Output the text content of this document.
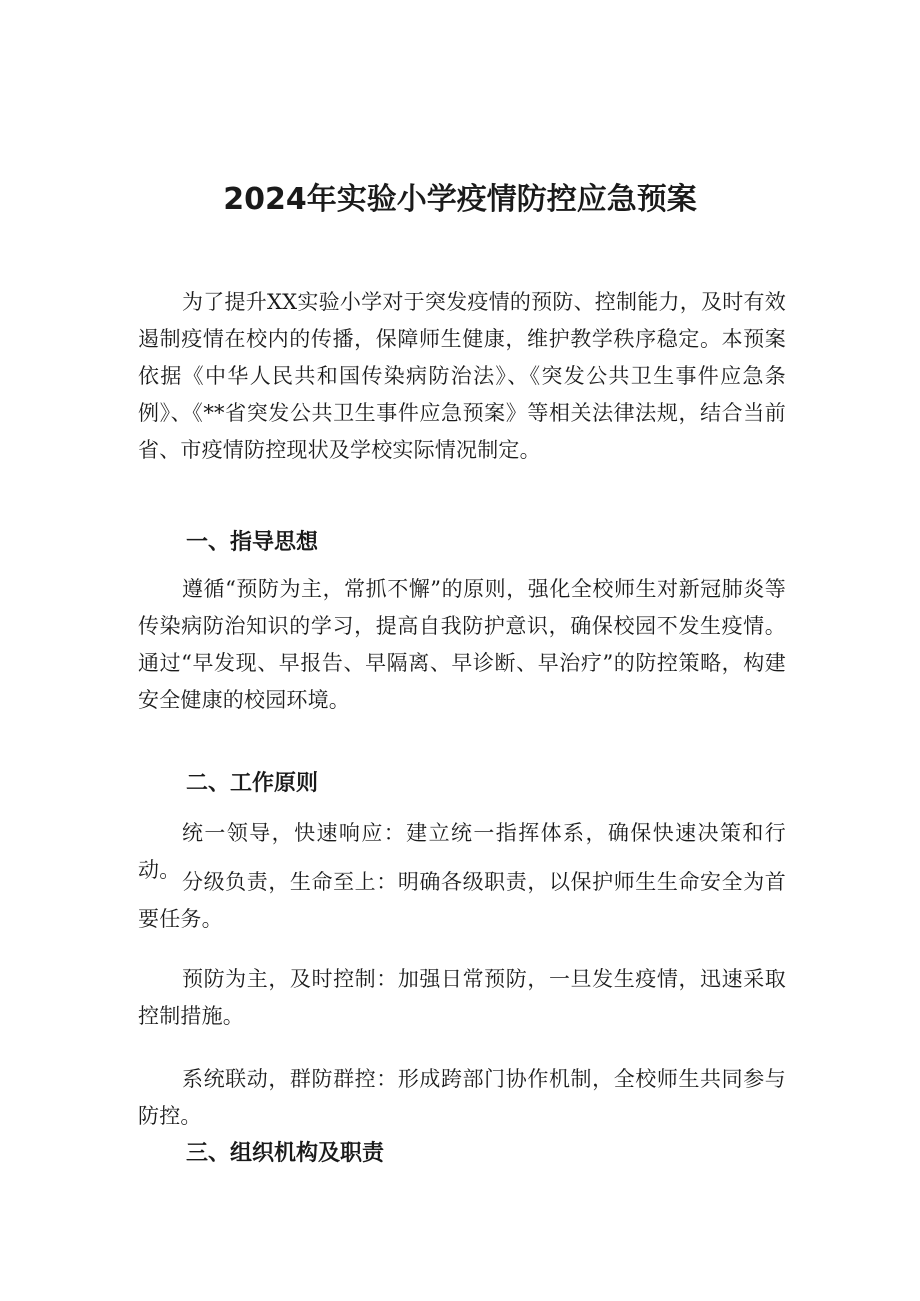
2024年实验小学疫情防控应急预案
为了提升XX实验小学对于突发疫情的预防、控制能力，及时有效遏制疫情在校内的传播，保障师生健康，维护教学秩序稳定。本预案依据《中华人民共和国传染病防治法》、《突发公共卫生事件应急条例》、《**省突发公共卫生事件应急预案》等相关法律法规，结合当前省、市疫情防控现状及学校实际情况制定。
一、指导思想
遵循“预防为主，常抓不懈”的原则，强化全校师生对新冠肺炎等传染病防治知识的学习，提高自我防护意识，确保校园不发生疫情。通过“早发现、早报告、早隔离、早诊断、早治疗”的防控策略，构建安全健康的校园环境。
二、工作原则
统一领导，快速响应：建立统一指挥体系，确保快速决策和行动。 分级负责，生命至上：明确各级职责，以保护师生生命安全为首要任务。
预防为主，及时控制：加强日常预防，一旦发生疫情，迅速采取控制措施。
系统联动，群防群控：形成跨部门协作机制，全校师生共同参与防控。
三、组织机构及职责
